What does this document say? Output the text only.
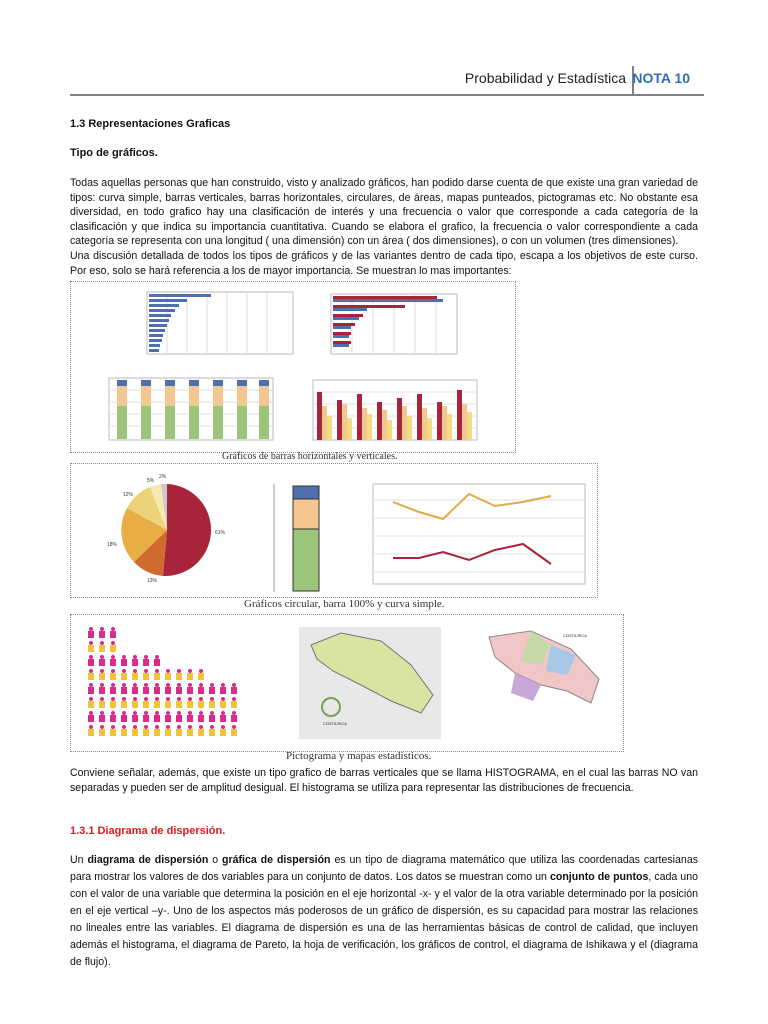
Probabilidad y Estadística NOTA 10
1.3 Representaciones Graficas
Tipo de gráficos.
Todas aquellas personas que han construido, visto y analizado gráficos, han podido darse cuenta de que existe una gran variedad de tipos: curva simple, barras verticales, barras horizontales, circulares, de áreas, mapas punteados, pictogramas etc. No obstante esa diversidad, en todo grafico hay una clasificación de interés y una frecuencia o valor que corresponde a cada categoría de la clasificación y que indica su importancia cuantitativa. Cuando se elabora el grafico, la frecuencia o valor correspondiente a cada categoría se representa con una longitud ( una dimensión) con un área ( dos dimensiones), o con un volumen (tres dimensiones).
Una discusión detallada de todos los tipos de gráficos y de las variantes dentro de cada tipo, escapa a los objetivos de este curso. Por eso, solo se hará referencia a los de mayor importancia. Se muestran lo mas importantes:
Gráficos de barras horizontales y verticales.
61%
13%
18%
12%
5%
2%
Gráficos circular, barra 100% y curva simple.
COSTA RICA
COSTA RICA
Pictograma y mapas estadísticos.
Conviene señalar, además, que existe un tipo grafico de barras verticales que se llama HISTOGRAMA, en el cual las barras NO van separadas y pueden ser de amplitud desigual. El histograma se utiliza para representar las distribuciones de frecuencia.
1.3.1 Diagrama de dispersión.
Un diagrama de dispersión o gráfica de dispersión es un tipo de diagrama matemático que utiliza las coordenadas cartesianas para mostrar los valores de dos variables para un conjunto de datos. Los datos se muestran como un conjunto de puntos, cada uno con el valor de una variable que determina la posición en el eje horizontal -x- y el valor de la otra variable determinado por la posición en el eje vertical –y-. Uno de los aspectos más poderosos de un gráfico de dispersión, es su capacidad para mostrar las relaciones no lineales entre las variables. El diagrama de dispersión es una de las herramientas básicas de control de calidad, que incluyen además el histograma, el diagrama de Pareto, la hoja de verificación, los gráficos de control, el diagrama de Ishikawa y el (diagrama de flujo).
